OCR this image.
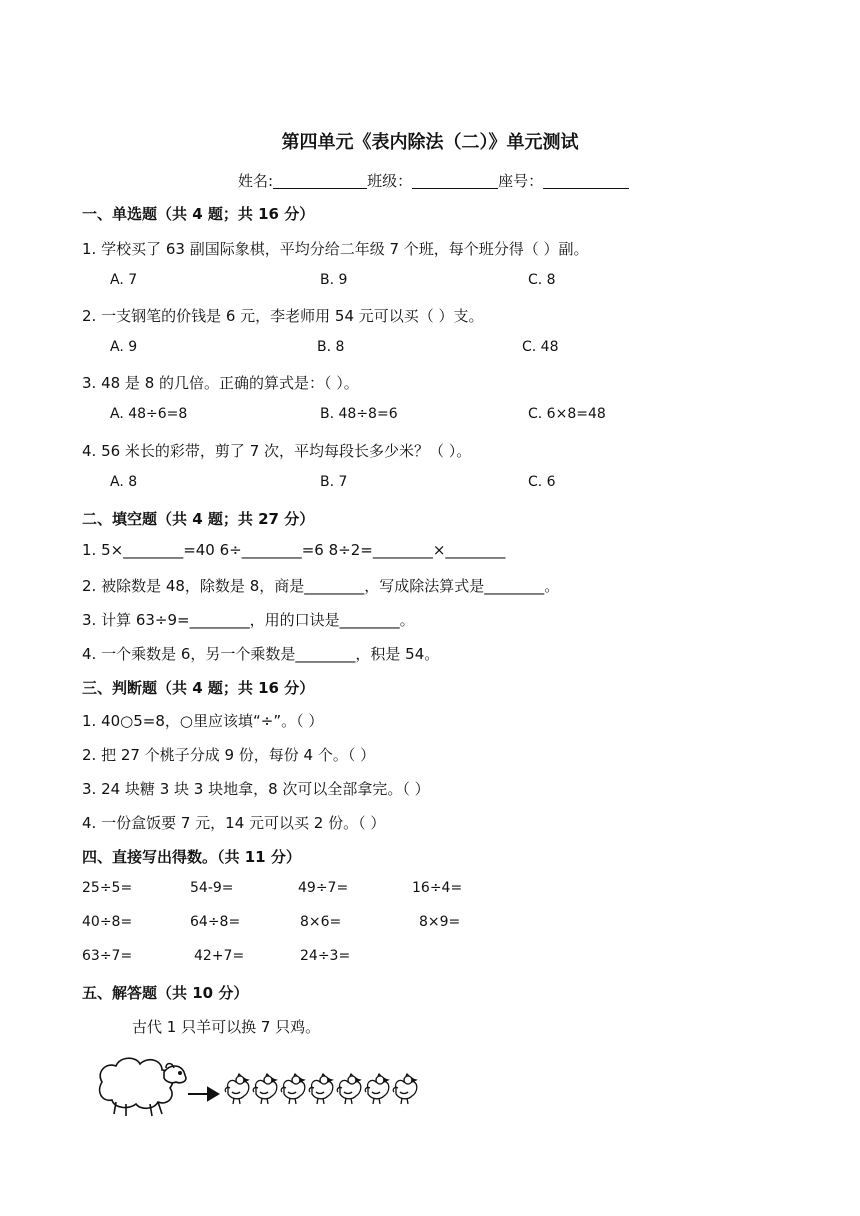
第四单元《表内除法（二）》单元测试
姓名:	班级：	座号：
一、单选题（共 4 题；共 16 分）
1. 学校买了 63 副国际象棋，平均分给二年级 7 个班，每个班分得（ ）副。
A. 7	B. 9	C. 8
2. 一支钢笔的价钱是 6 元，李老师用 54 元可以买（ ）支。
A. 9	B. 8	C. 48
3. 48 是 8 的几倍。正确的算式是：（ ）。
A. 48÷6=8	B. 48÷8=6	C. 6×8=48
4. 56 米长的彩带，剪了 7 次，平均每段长多少米？（ ）。
A. 8	B. 7	C. 6
二、填空题（共 4 题；共 27 分）
1. 5×________=40 6÷________=6 8÷2=________×________
2. 被除数是 48，除数是 8，商是________，写成除法算式是________。
3. 计算 63÷9=________，用的口诀是________。
4. 一个乘数是 6，另一个乘数是________，积是 54。
三、判断题（共 4 题；共 16 分）
1. 40○5=8，○里应该填“÷”。（ ）
2. 把 27 个桃子分成 9 份，每份 4 个。（ ）
3. 24 块糖 3 块 3 块地拿，8 次可以全部拿完。（ ）
4. 一份盒饭要 7 元，14 元可以买 2 份。（ ）
四、直接写出得数。（共 11 分）
25÷5=	54-9=	49÷7=	16÷4=
40÷8=	64÷8=	8×6=	8×9=
63÷7=	42+7=	24÷3=
五、解答题（共 10 分）
古代 1 只羊可以换 7 只鸡。
